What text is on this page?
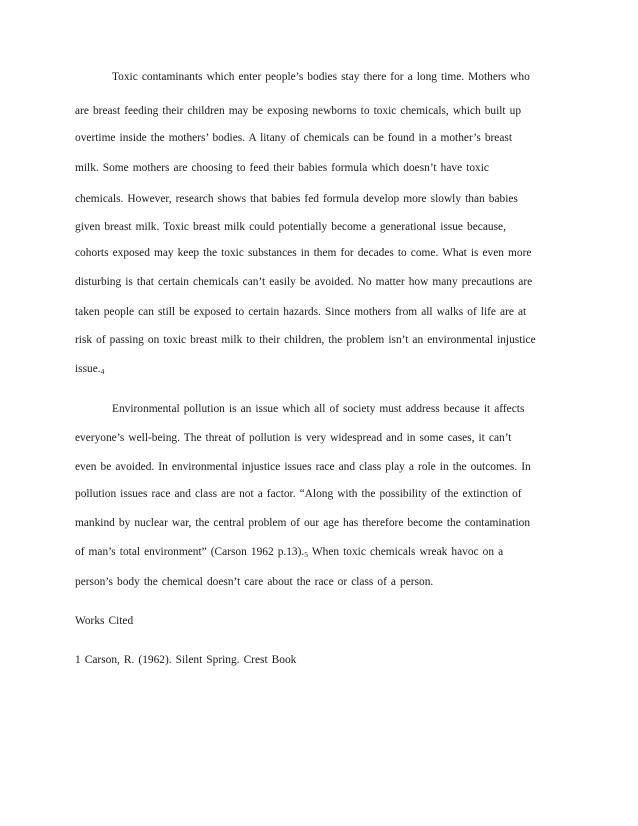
Toxic contaminants which enter people’s bodies stay there for a long time. Mothers who
are breast feeding their children may be exposing newborns to toxic chemicals, which built up
overtime inside the mothers’ bodies. A litany of chemicals can be found in a mother’s breast
milk. Some mothers are choosing to feed their babies formula which doesn’t have toxic
chemicals. However, research shows that babies fed formula develop more slowly than babies
given breast milk. Toxic breast milk could potentially become a generational issue because,
cohorts exposed may keep the toxic substances in them for decades to come. What is even more
disturbing is that certain chemicals can’t easily be avoided. No matter how many precautions are
taken people can still be exposed to certain hazards. Since mothers from all walks of life are at
risk of passing on toxic breast milk to their children, the problem isn’t an environmental injustice
$issue._4$
Environmental pollution is an issue which all of society must address because it affects
everyone’s well-being. The threat of pollution is very widespread and in some cases, it can’t
even be avoided. In environmental injustice issues race and class play a role in the outcomes. In
pollution issues race and class are not a factor. “Along with the possibility of the extinction of
mankind by nuclear war, the central problem of our age has therefore become the contamination
of man’s total environment” (Carson 1962 $p.13)._5$ When toxic chemicals wreak havoc on a
person’s body the chemical doesn’t care about the race or class of a person.
Works Cited
1 Carson, R. (1962). Silent Spring. Crest Book
